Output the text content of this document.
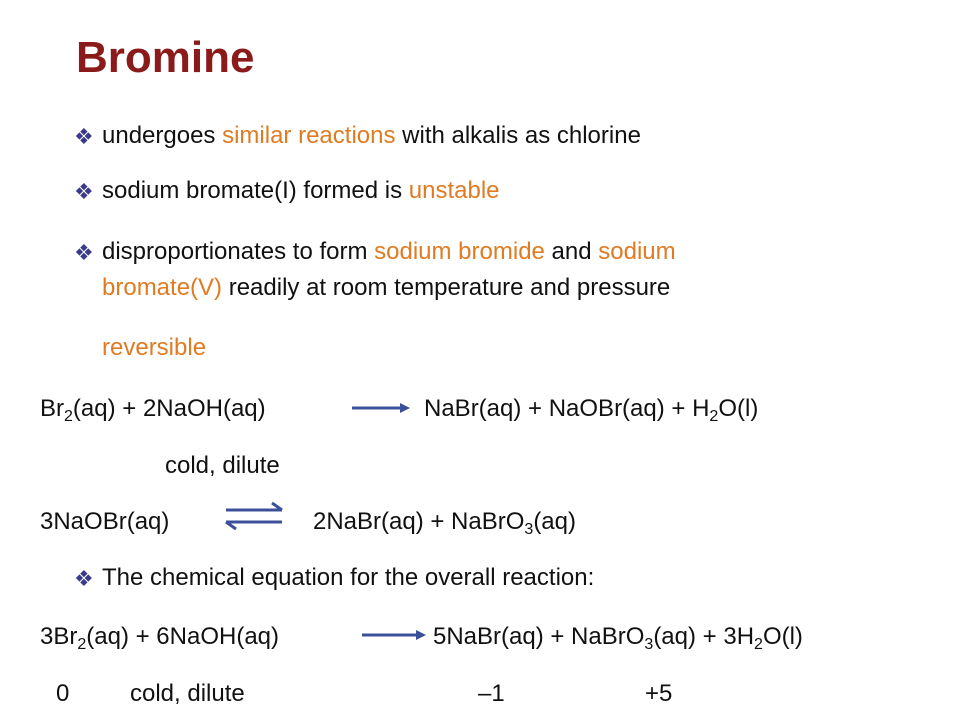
Bromine
❖ undergoes similar reactions with alkalis as chlorine
❖ sodium bromate(I) formed is unstable
❖ disproportionates to form sodium bromide and sodium
bromate(V) readily at room temperature and pressure
reversible
$Br_2(aq)$ + 2NaOH(aq)	NaBr(aq) + NaOBr(aq) + $H_2O(l)$
cold, dilute
3NaOBr(aq)	2NaBr(aq) + NaBrO$_3$(aq)
❖ The chemical equation for the overall reaction:
$3Br_2(aq)$ + 6NaOH(aq)	5NaBr(aq) + NaBrO$_3$(aq) + $3H_2O(l)$
0	cold, dilute	–1	+5
